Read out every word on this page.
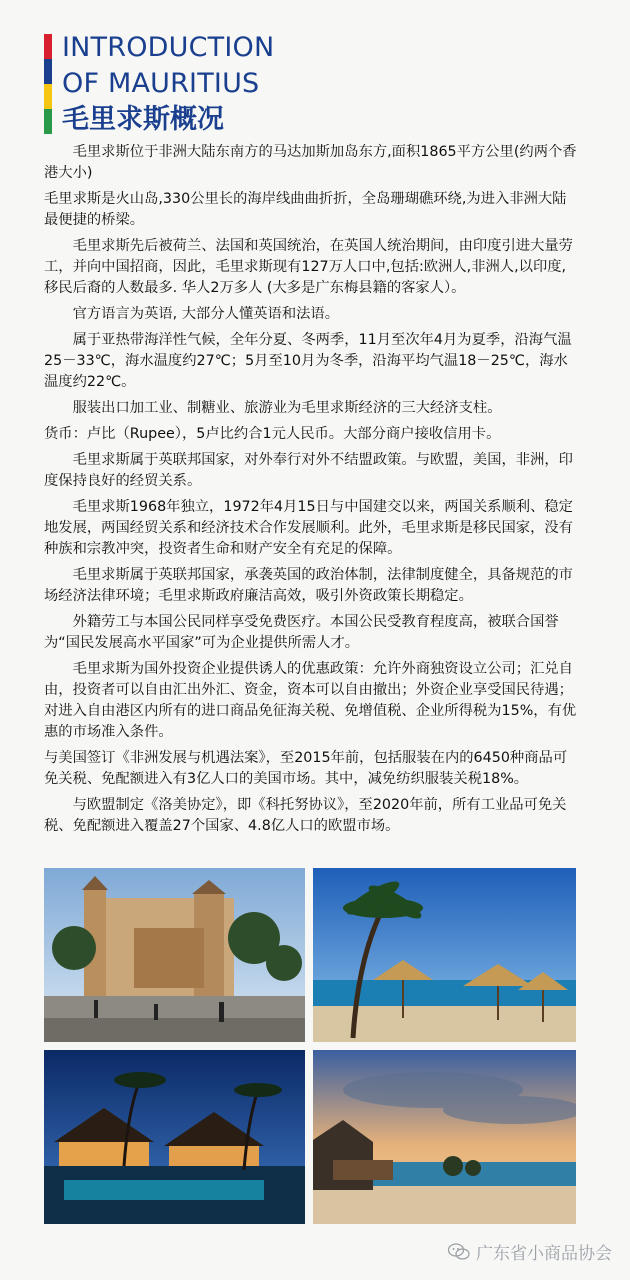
INTRODUCTION
OF MAURITIUS
毛里求斯概况

毛里求斯位于非洲大陆东南方的马达加斯加岛东方,面积1865平方公里(约两个香港大小)

毛里求斯是火山岛,330公里长的海岸线曲曲折折，全岛珊瑚礁环绕,为进入非洲大陆最便捷的桥梁。

毛里求斯先后被荷兰、法国和英国统治，在英国人统治期间，由印度引进大量劳工，并向中国招商，因此，毛里求斯现有127万人口中,包括:欧洲人,非洲人,以印度,移民后裔的人数最多. 华人2万多人 (大多是广东梅县籍的客家人）。

官方语言为英语, 大部分人懂英语和法语。

属于亚热带海洋性气候，全年分夏、冬两季，11月至次年4月为夏季，沿海气温25－33℃，海水温度约27℃；5月至10月为冬季，沿海平均气温18－25℃，海水温度约22℃。

服装出口加工业、制糖业、旅游业为毛里求斯经济的三大经济支柱。

货币：卢比（Rupee），5卢比约合1元人民币。大部分商户接收信用卡。

毛里求斯属于英联邦国家，对外奉行对外不结盟政策。与欧盟，美国，非洲，印度保持良好的经贸关系。

毛里求斯1968年独立，1972年4月15日与中国建交以来，两国关系顺利、稳定地发展，两国经贸关系和经济技术合作发展顺利。此外，毛里求斯是移民国家，没有种族和宗教冲突，投资者生命和财产安全有充足的保障。

毛里求斯属于英联邦国家，承袭英国的政治体制，法律制度健全，具备规范的市场经济法律环境；毛里求斯政府廉洁高效，吸引外资政策长期稳定。

外籍劳工与本国公民同样享受免费医疗。本国公民受教育程度高，被联合国誉为“国民发展高水平国家”可为企业提供所需人才。

毛里求斯为国外投资企业提供诱人的优惠政策：允许外商独资设立公司；汇兑自由，投资者可以自由汇出外汇、资金，资本可以自由撤出；外资企业享受国民待遇；对进入自由港区内所有的进口商品免征海关税、免增值税、企业所得税为15%，有优惠的市场准入条件。

与美国签订《非洲发展与机遇法案》，至2015年前，包括服装在内的6450种商品可免关税、免配额进入有3亿人口的美国市场。其中，减免纺织服装关税18%。

与欧盟制定《洛美协定》，即《科托努协议》，至2020年前，所有工业品可免关税、免配额进入覆盖27个国家、4.8亿人口的欧盟市场。

广东省小商品协会
